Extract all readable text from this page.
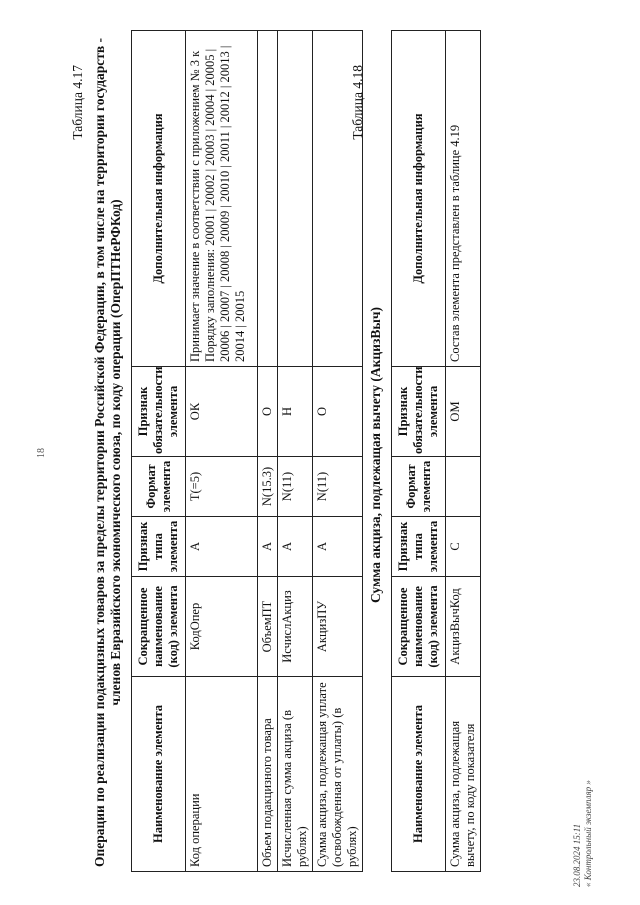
18
Таблица 4.17 Операции по реализации подакцизных товаров за пределы территории Российской Федерации, в том числе на территории государств - членов Евразийского экономического союза, по коду операции (ОперПТНеРФКод)
Наименование элемента	Сокращенное наименование (код) элемента	Признак типа элемента	Формат элемента	Признак обязательности элемента	Дополнительная информация
Код операции	КодОпер	А	T(=5)	ОК	Принимает значение в соответствии с приложением № 3 к Порядку заполнения: 20001 | 20002 | 20003 | 20004 | 20005 | 20006 | 20007 | 20008 | 20009 | 20010 | 20011 | 20012 | 20013 | 20014 | 20015
Объем подакцизного товара	ОбъемПТ	А	N(15.3)	О	
Исчисленная сумма акциза (в рублях)	ИсчислАкциз	А	N(11)	Н	
Сумма акциза, подлежащая уплате (освобожденная от уплаты) (в рублях)	АкцизПУ	А	N(11)	О	
Таблица 4.18
Сумма акциза, подлежащая вычету (АкцизВыч)
Наименование элемента	Сокращенное наименование (код) элемента	Признак типа элемента	Формат элемента	Признак обязательности элемента	Дополнительная информация
Сумма акциза, подлежащая вычету, по коду показателя	АкцизВычКод	С		ОМ	Состав элемента представлен в таблице 4.19
23.08.2024 15:11 « Контрольный экземпляр »
